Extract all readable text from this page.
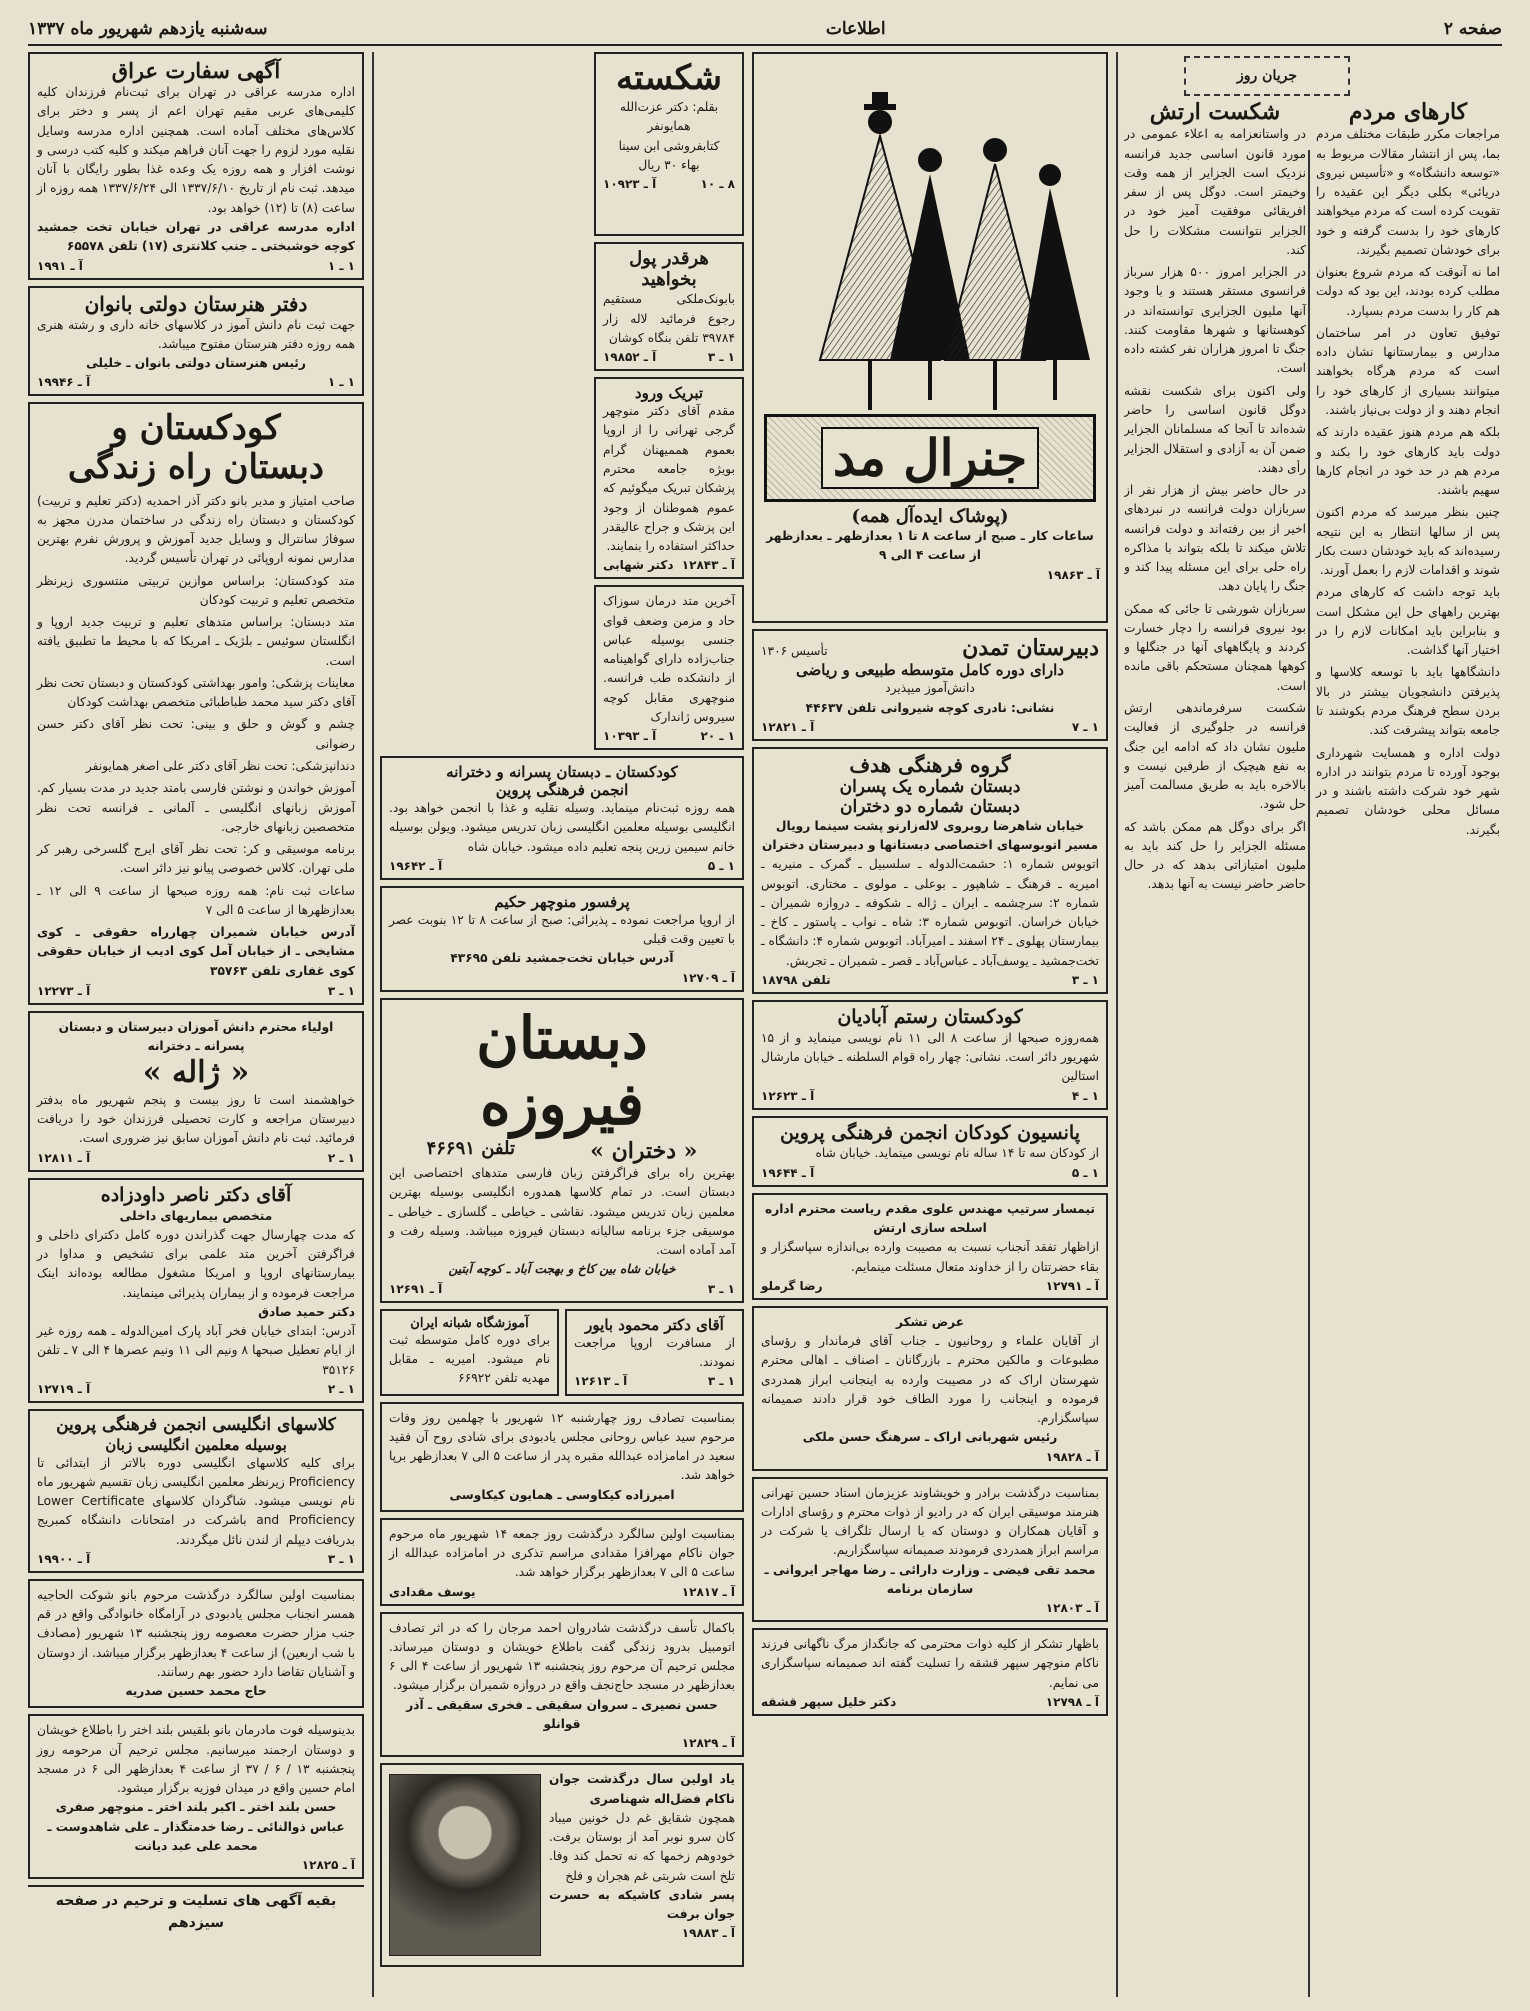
صفحه ۲
اطلاعات
سه‌شنبه یازدهم شهریور ماه ۱۳۳۷
جریان روز
کارهای مردم

مراجعات مکرر طبقات مختلف مردم بما، پس از انتشار مقالات مربوط به «توسعه دانشگاه» و «تأسیس نیروی دریائی» بکلی دیگر این عقیده را تقویت کرده است که مردم میخواهند کارهای خود را بدست گرفته و خود برای خودشان تصمیم بگیرند.

اما نه آنوقت که مردم شروع بعنوان مطلب کرده بودند، این بود که دولت هم کار را بدست مردم بسپارد.

توفیق تعاون در امر ساختمان مدارس و بیمارستانها نشان داده است که مردم هرگاه بخواهند میتوانند بسیاری از کارهای خود را انجام دهند و از دولت بی‌نیاز باشند.

بلکه هم مردم هنوز عقیده دارند که دولت باید کارهای خود را بکند و مردم هم در حد خود در انجام کارها سهیم باشند.

چنین بنظر میرسد که مردم اکنون پس از سالها انتظار به این نتیجه رسیده‌اند که باید خودشان دست بکار شوند و اقدامات لازم را بعمل آورند.

باید توجه داشت که کارهای مردم بهترین راههای حل این مشکل است و بنابراین باید امکانات لازم را در اختیار آنها گذاشت.

دانشگاهها باید با توسعه کلاسها و پذیرفتن دانشجویان بیشتر در بالا بردن سطح فرهنگ مردم بکوشند تا جامعه بتواند پیشرفت کند.

دولت اداره و همسایت شهرداری بوجود آورده تا مردم بتوانند در اداره شهر خود شرکت داشته باشند و در مسائل محلی خودشان تصمیم بگیرند.

شکست ارتش

در واستانعزامه به اعلاء عمومی در مورد قانون اساسی جدید فرانسه نزدیک است الجزایر از همه وقت وخیمتر است. دوگل پس از سفر افریقائی موفقیت آمیز خود در الجزایر نتوانست مشکلات را حل کند.

در الجزایر امروز ۵۰۰ هزار سرباز فرانسوی مستقر هستند و با وجود آنها ملیون الجزایری توانسته‌اند در کوهستانها و شهرها مقاومت کنند. جنگ تا امروز هزاران نفر کشته داده است.

ولی اکنون برای شکست نقشه دوگل قانون اساسی را حاضر شده‌اند تا آنجا که مسلمانان الجزایر ضمن آن به آزادی و استقلال الجزایر رأی دهند.

در حال حاضر بیش از هزار نفر از سربازان دولت فرانسه در نبردهای اخیر از بین رفته‌اند و دولت فرانسه تلاش میکند تا بلکه بتواند با مذاکره راه حلی برای این مسئله پیدا کند و جنگ را پایان دهد.

سربازان شورشی تا جائی که ممکن بود نیروی فرانسه را دچار خسارت کردند و پایگاههای آنها در جنگلها و کوهها همچنان مستحکم باقی مانده است.

شکست سرفرماندهی ارتش فرانسه در جلوگیری از فعالیت ملیون نشان داد که ادامه این جنگ به نفع هیچیک از طرفین نیست و بالاخره باید به طریق مسالمت آمیز حل شود.

اگر برای دوگل هم ممکن باشد که مسئله الجزایر را حل کند باید به ملیون امتیازاتی بدهد که در حال حاضر حاضر نیست به آنها بدهد.

جنرال مد
(پوشاک ایده‌آل همه)
ساعات کار ـ صبح از ساعت ۸ تا ۱ بعدازظهر ـ بعدازظهر از ساعت ۴ الی ۹
آ ـ ۱۹۸۶۳
دبیرستان تمدن
تأسیس ۱۳۰۶
دارای دوره کامل متوسطه طبیعی و ریاضی
دانش‌آموز میپذیرد
نشانی: نادری کوچه شیروانی تلفن ۴۴۶۳۷
۱ ـ ۷
آ ـ ۱۲۸۲۱
گروه فرهنگی هدف
دبستان شماره یک پسران
دبستان شماره دو دختران
خیابان شاهرضا روبروی لاله‌زارنو پشت سینما رویال
مسیر اتوبوسهای اختصاصی دبستانها و دبیرستان دختران
اتوبوس شماره ۱: حشمت‌الدوله ـ سلسبیل ـ گمرک ـ منیریه ـ امیریه ـ فرهنگ ـ شاهپور ـ بوعلی ـ مولوی ـ مختاری. اتوبوس شماره ۲: سرچشمه ـ ایران ـ ژاله ـ شکوفه ـ دروازه شمیران ـ خیابان خراسان. اتوبوس شماره ۳: شاه ـ نواب ـ پاستور ـ کاخ ـ بیمارستان پهلوی ـ ۲۴ اسفند ـ امیرآباد. اتوبوس شماره ۴: دانشگاه ـ تخت‌جمشید ـ یوسف‌آباد ـ عباس‌آباد ـ قصر ـ شمیران ـ تجریش.
۱ ـ ۳
تلفن ۱۸۷۹۸
کودکستان رستم آبادیان
همه‌روزه صبحها از ساعت ۸ الی ۱۱ نام نویسی مینماید و از ۱۵ شهریور دائر است. نشانی: چهار راه قوام السلطنه ـ خیابان مارشال استالین
۱ ـ ۴
آ ـ ۱۲۶۲۳
پانسیون کودکان انجمن فرهنگی پروین
از کودکان سه تا ۱۴ ساله نام نویسی مینماید. خیابان شاه
۱ ـ ۵
آ ـ ۱۹۶۴۴
تیمسار سرتیپ مهندس علوی مقدم ریاست محترم اداره اسلحه سازی ارتش
ازاظهار تفقد آنجناب نسبت به مصیبت وارده بی‌اندازه سپاسگزار و بقاء حضرتتان را از خداوند متعال مسئلت مینمایم.
آ ـ ۱۲۷۹۱
رضا گرملو
عرض تشکر
از آقایان علماء و روحانیون ـ جناب آقای فرماندار و رؤسای مطبوعات و مالکین محترم ـ بازرگانان ـ اصناف ـ اهالی محترم شهرستان اراک که در مصیبت وارده به اینجانب ابراز همدردی فرموده و اینجانب را مورد الطاف خود قرار دادند صمیمانه سپاسگزارم.
رئیس شهربانی اراک ـ سرهنگ حسن ملکی
آ ـ ۱۹۸۲۸
بمناسبت درگذشت برادر و خویشاوند عزیزمان استاد حسین تهرانی هنرمند موسیقی ایران که در رادیو از ذوات محترم و رؤسای ادارات و آقایان همکاران و دوستان که با ارسال تلگراف یا شرکت در مراسم ابراز همدردی فرمودند صمیمانه سپاسگزاریم.
محمد تقی فیضی ـ وزارت دارائی ـ رضا مهاجر ایروانی ـ سازمان برنامه
آ ـ ۱۲۸۰۳
باظهار تشکر از کلیه ذوات محترمی که جانگداز مرگ ناگهانی فرزند ناکام منوچهر سپهر قشقه را تسلیت گفته اند صمیمانه سپاسگزاری می نمایم.
آ ـ ۱۲۷۹۸
دکتر خلیل سپهر قشقه
شکسته
بقلم: دکتر عزت‌الله همایونفر
کتابفروشی ابن سینا
بهاء ۳۰ ریال
۸ ـ ۱۰
آ ـ ۱۰۹۲۳
هرقدر پول بخواهید
بابونک‌ملکی مستقیم رجوع فرمائید لاله زار ۳۹۷۸۴ تلفن بنگاه کوشان
۱ ـ ۳
آ ـ ۱۹۸۵۲
تبریک ورود
مقدم آقای دکتر منوچهر گرجی تهرانی را از اروپا بعموم هممیهنان گرام بویژه جامعه محترم پزشکان تبریک میگوئیم که عموم هموطنان از وجود این پزشک و جراح عالیقدر حداکثر استفاده را بنمایند.
آ ـ ۱۲۸۴۳
دکتر شهابی
آخرین متد درمان سوزاک حاد و مزمن وضعف قوای جنسی بوسیله عباس جناب‌زاده دارای گواهینامه از دانشکده طب فرانسه. منوچهری مقابل کوچه سیروس ژاندارک
۱ ـ ۲۰
آ ـ ۱۰۳۹۳
کودکستان ـ دبستان پسرانه و دخترانه
انجمن فرهنگی پروین
همه روزه ثبت‌نام مینماید. وسیله نقلیه و غذا با انجمن خواهد بود. انگلیسی بوسیله معلمین انگلیسی زبان تدریس میشود. ویولن بوسیله خانم سیمین زرین پنجه تعلیم داده میشود. خیابان شاه
۱ ـ ۵
آ ـ ۱۹۶۴۲
پرفسور منوچهر حکیم
از اروپا مراجعت نموده ـ پذیرائی: صبح از ساعت ۸ تا ۱۲ بنوبت عصر با تعیین وقت قبلی
آدرس خیابان تخت‌جمشید تلفن ۴۳۶۹۵
آ ـ ۱۲۷۰۹
دبستان فیروزه
« دختران »
تلفن ۴۶۶۹۱
بهترین راه برای فراگرفتن زبان فارسی متدهای اختصاصی این دبستان است. در تمام کلاسها همدوره انگلیسی بوسیله بهترین معلمین زبان تدریس میشود. نقاشی ـ خیاطی ـ گلسازی ـ خیاطی ـ موسیقی جزء برنامه سالیانه دبستان فیروزه میباشد. وسیله رفت و آمد آماده است.
خیابان شاه بین کاخ و بهجت آباد ـ کوچه آبتین
۱ ـ ۳
آ ـ ۱۲۶۹۱
آقای دکتر محمود بایور
از مسافرت اروپا مراجعت نمودند.
۱ ـ ۳
آ ـ ۱۲۶۱۳
آموزشگاه شبانه ایران
برای دوره کامل متوسطه ثبت نام میشود. امیریه ـ مقابل مهدیه تلفن ۶۶۹۲۲
بمناسبت تصادف روز چهارشنبه ۱۲ شهریور با چهلمین روز وفات مرحوم سید عباس روحانی مجلس یادبودی برای شادی روح آن فقید سعید در امامزاده عبدالله مقبره پدر از ساعت ۵ الی ۷ بعدازظهر برپا خواهد شد.
امیرزاده کیکاوسی ـ همایون کیکاوسی
بمناسبت اولین سالگرد درگذشت روز جمعه ۱۴ شهریور ماه مرحوم جوان ناکام مهرافزا مقدادی مراسم تذکری در امامزاده عبدالله از ساعت ۵ الی ۷ بعدازظهر برگزار خواهد شد.
آ ـ ۱۲۸۱۷
یوسف مقدادی
باکمال تأسف درگذشت شادروان احمد مرجان را که در اثر تصادف اتومبیل بدرود زندگی گفت باطلاع خویشان و دوستان میرساند. مجلس ترحیم آن مرحوم روز پنجشنبه ۱۳ شهریور از ساعت ۴ الی ۶ بعدازظهر در مسجد حاج‌نجف واقع در دروازه شمیران برگزار میشود.
حسن نصیری ـ سروان سقیقی ـ فخری سقیقی ـ آذر قوانلو
آ ـ ۱۲۸۲۹
یاد اولین سال درگذشت جوان ناکام فضل‌اله شهناصری
همچون شقایق غم دل خونین میباد کان سرو نوبر آمد از بوستان برفت. خودوهم زخمها که نه تحمل کند وفا. تلخ است شربتی غم هجران و فلخ
پسر شادی کاشیکه به حسرت جوان برفت
آ ـ ۱۹۸۸۳
آگهی سفارت عراق
اداره مدرسه عراقی در تهران برای ثبت‌نام فرزندان کلیه کلیمی‌های عربی مقیم تهران اعم از پسر و دختر برای کلاس‌های مختلف آماده است. همچنین اداره مدرسه وسایل نقلیه مورد لزوم را جهت آنان فراهم میکند و کلیه کتب درسی و نوشت افزار و همه روزه یک وعده غذا بطور رایگان با آنان میدهد. ثبت نام از تاریخ ۱۳۳۷/۶/۱۰ الی ۱۳۳۷/۶/۲۴ همه روزه از ساعت (۸) تا (۱۲) خواهد بود.
اداره مدرسه عراقی در تهران خیابان تخت جمشید کوچه خوشبختی ـ جنب کلانتری (۱۷) تلفن ۶۵۵۷۸
۱ ـ ۱
آ ـ ۱۹۹۱
دفتر هنرستان دولتی بانوان
جهت ثبت نام دانش آموز در کلاسهای خانه داری و رشته هنری همه روزه دفتر هنرستان مفتوح میباشد.
رئیس هنرستان دولتی بانوان ـ خلیلی
۱ ـ ۱
آ ـ ۱۹۹۴۶
کودکستان و
دبستان راه زندگی

صاحب امتیاز و مدیر بانو دکتر آذر احمدیه (دکتر تعلیم و تربیت) کودکستان و دبستان راه زندگی در ساختمان مدرن مجهز به سوفاژ سانترال و وسایل جدید آموزش و پرورش نفرم بهترین مدارس نمونه اروپائی در تهران تأسیس گردید.

متد کودکستان: براساس موازین تربیتی منتسوری زیرنظر متخصص تعلیم و تربیت کودکان

متد دبستان: براساس متدهای تعلیم و تربیت جدید اروپا و انگلستان سوئیس ـ بلژیک ـ امریکا که با محیط ما تطبیق یافته است.

معاینات پزشکی: وامور بهداشتی کودکستان و دبستان تحت نظر آقای دکتر سید محمد طباطبائی متخصص بهداشت کودکان

چشم و گوش و حلق و بینی: تحت نظر آقای دکتر حسن رضوانی

دندانپزشکی: تحت نظر آقای دکتر علی اصغر همایونفر

آموزش خواندن و نوشتن فارسی بامتد جدید در مدت بسیار کم. آموزش زبانهای انگلیسی ـ آلمانی ـ فرانسه تحت نظر متخصصین زبانهای خارجی.

برنامه موسیقی و کر: تحت نظر آقای ایرج گلسرخی رهبر کر ملی تهران. کلاس خصوصی پیانو نیز دائر است.

ساعات ثبت نام: همه روزه صبحها از ساعت ۹ الی ۱۲ ـ بعدازظهرها از ساعت ۵ الی ۷

آدرس خیابان شمیران چهارراه حقوقی ـ کوی مشایخی ـ از خیابان آمل کوی ادیب از خیابان حقوقی کوی غفاری تلفن ۳۵۷۶۳

۱ ـ ۳
آ ـ ۱۲۲۷۳
اولیاء محترم دانش آموزان دبیرستان و دبستان پسرانه ـ دخترانه
« ژاله »
خواهشمند است تا روز بیست و پنجم شهریور ماه بدفتر دبیرستان مراجعه و کارت تحصیلی فرزندان خود را دریافت فرمائید. ثبت نام دانش آموزان سابق نیز ضروری است.
۱ ـ ۲
آ ـ ۱۲۸۱۱
آقای دکتر ناصر داودزاده
متخصص بیماریهای داخلی
که مدت چهارسال جهت گذراندن دوره کامل دکترای داخلی و فراگرفتن آخرین متد علمی برای تشخیص و مداوا در بیمارستانهای اروپا و امریکا مشغول مطالعه بوده‌اند اینک مراجعت فرموده و از بیماران پذیرائی مینمایند.
دکتر حمید صادق
آدرس: ابتدای خیابان فخر آباد پارک امین‌الدوله ـ همه روزه غیر از ایام تعطیل صبحها ۸ ونیم الی ۱۱ ونیم عصرها ۴ الی ۷ ـ تلفن ۳۵۱۲۶
۱ ـ ۲
آ ـ ۱۲۷۱۹
کلاسهای انگلیسی انجمن فرهنگی پروین
بوسیله معلمین انگلیسی زبان
برای کلیه کلاسهای انگلیسی دوره بالاتر از ابتدائی تا Proficiency زیرنظر معلمین انگلیسی زبان تقسیم شهریور ماه نام نویسی میشود. شاگردان کلاسهای Lower Certificate and Proficiency باشرکت در امتحانات دانشگاه کمبریج بدریافت دیپلم از لندن نائل میگردند.
۱ ـ ۳
آ ـ ۱۹۹۰۰
بمناسبت اولین سالگرد درگذشت مرحوم بانو شوکت الحاجیه همسر انجناب مجلس یادبودی در آرامگاه خانوادگی واقع در قم جنب مزار حضرت معصومه روز پنجشنبه ۱۳ شهریور (مصادف با شب اربعین) از ساعت ۴ بعدازظهر برگزار میباشد. از دوستان و آشنایان تقاضا دارد حضور بهم رسانند.
حاج محمد حسین صدریه
بدینوسیله فوت مادرمان بانو بلقیس بلند اختر را باطلاع خویشان و دوستان ارجمند میرسانیم. مجلس ترحیم آن مرحومه روز پنجشنبه ۱۳ / ۶ / ۳۷ از ساعت ۴ بعدازظهر الی ۶ در مسجد امام حسین واقع در میدان فوزیه برگزار میشود.
حسن بلند اختر ـ اکبر بلند اختر ـ منوچهر صفری
عباس ذوالنائی ـ رضا خدمتگذار ـ علی شاهدوست ـ محمد علی عبد دیانت
آ ـ ۱۲۸۲۵
بقیه آگهی های تسلیت و ترحیم در صفحه سیزدهم
